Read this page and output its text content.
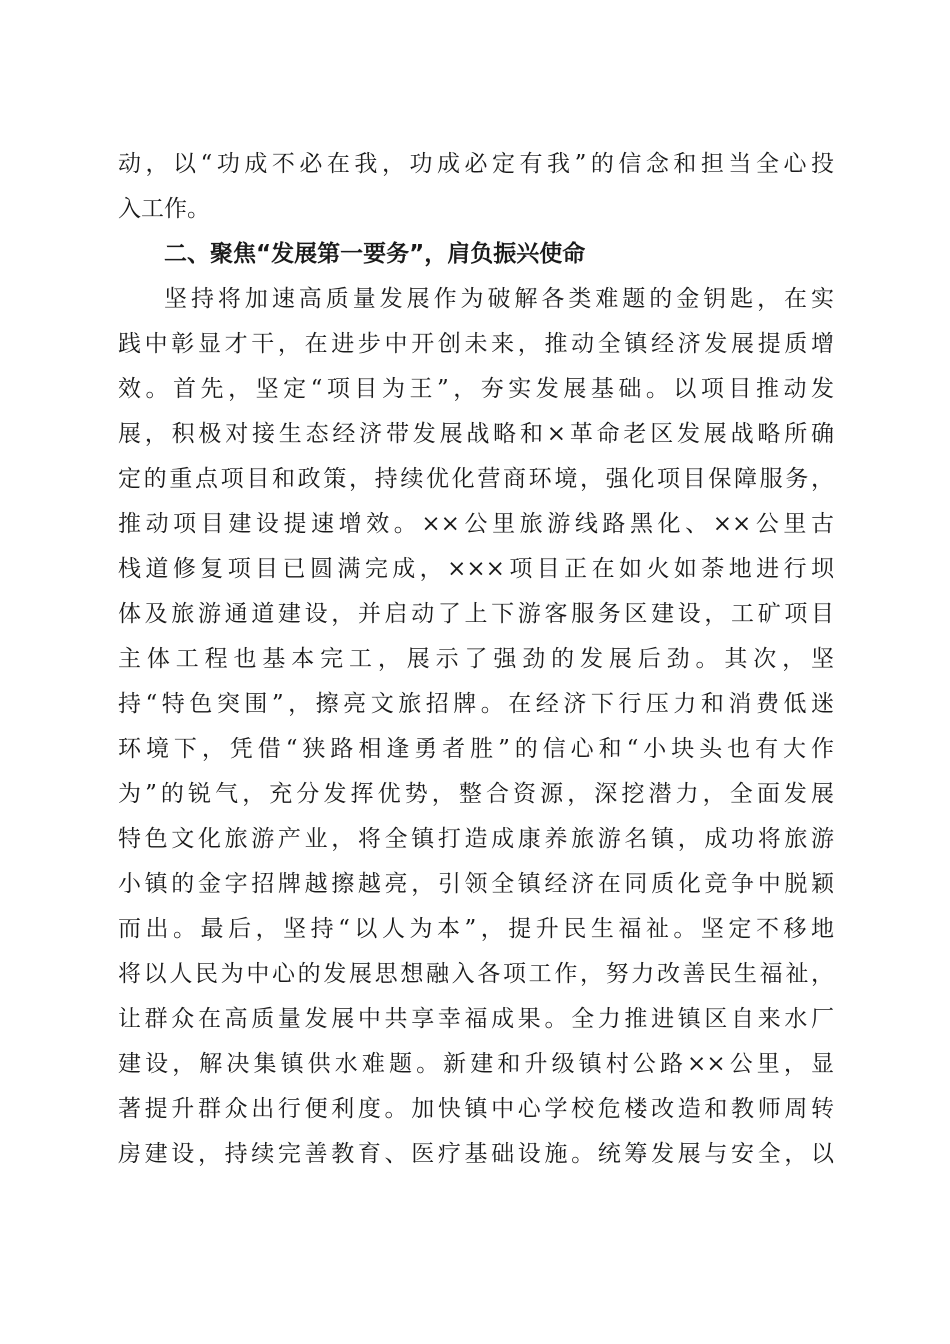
动，以“功成不必在我，功成必定有我”的信念和担当全心投
入工作。
二、聚焦“发展第一要务”，肩负振兴使命
坚持将加速高质量发展作为破解各类难题的金钥匙，在实
践中彰显才干，在进步中开创未来，推动全镇经济发展提质增
效。首先，坚定“项目为王”，夯实发展基础。以项目推动发
展，积极对接生态经济带发展战略和×革命老区发展战略所确
定的重点项目和政策，持续优化营商环境，强化项目保障服务，
推动项目建设提速增效。××公里旅游线路黑化、××公里古
栈道修复项目已圆满完成，×××项目正在如火如荼地进行坝
体及旅游通道建设，并启动了上下游客服务区建设，工矿项目
主体工程也基本完工，展示了强劲的发展后劲。其次，坚
持“特色突围”，擦亮文旅招牌。在经济下行压力和消费低迷
环境下，凭借“狭路相逢勇者胜”的信心和“小块头也有大作
为”的锐气，充分发挥优势，整合资源，深挖潜力，全面发展
特色文化旅游产业，将全镇打造成康养旅游名镇，成功将旅游
小镇的金字招牌越擦越亮，引领全镇经济在同质化竞争中脱颖
而出。最后，坚持“以人为本”，提升民生福祉。坚定不移地
将以人民为中心的发展思想融入各项工作，努力改善民生福祉，
让群众在高质量发展中共享幸福成果。全力推进镇区自来水厂
建设，解决集镇供水难题。新建和升级镇村公路××公里，显
著提升群众出行便利度。加快镇中心学校危楼改造和教师周转
房建设，持续完善教育、医疗基础设施。统筹发展与安全，以
